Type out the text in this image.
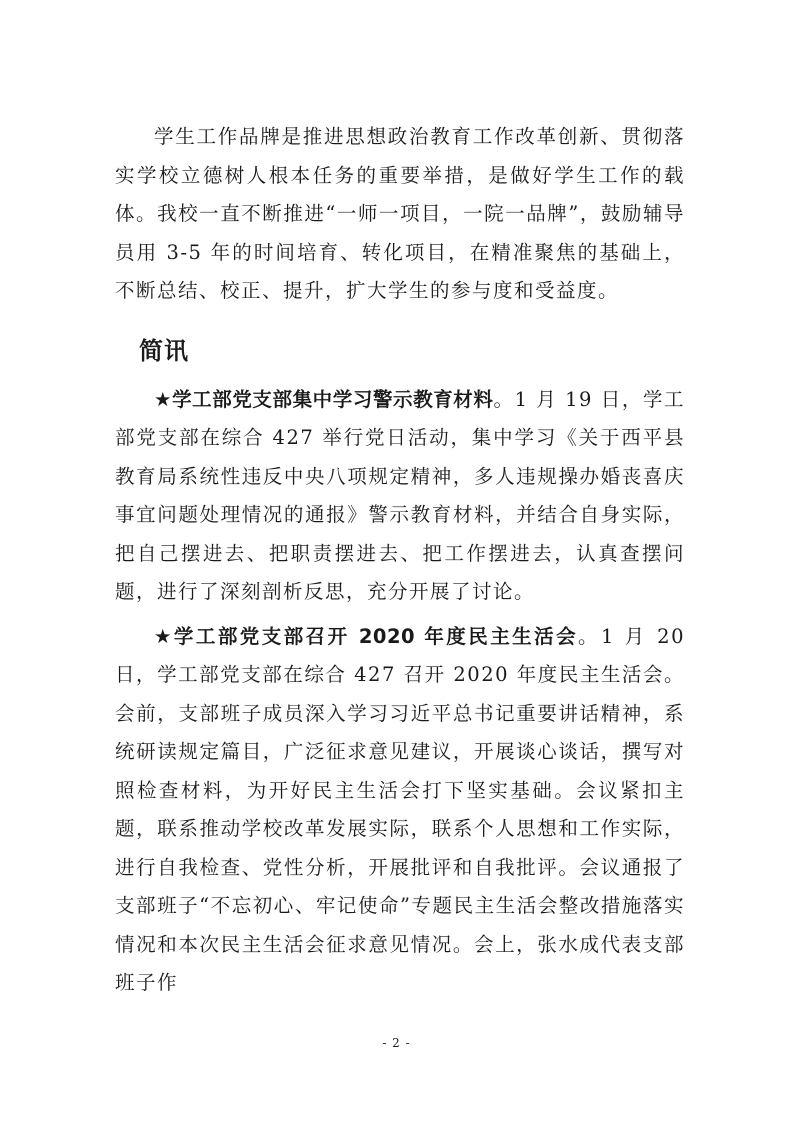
学生工作品牌是推进思想政治教育工作改革创新、贯彻落实学校立德树人根本任务的重要举措，是做好学生工作的载体。我校一直不断推进“一师一项目，一院一品牌”，鼓励辅导员用 3-5 年的时间培育、转化项目，在精准聚焦的基础上，不断总结、校正、提升，扩大学生的参与度和受益度。

简讯

★学工部党支部集中学习警示教育材料。1 月 19 日，学工部党支部在综合 427 举行党日活动，集中学习《关于西平县教育局系统性违反中央八项规定精神，多人违规操办婚丧喜庆事宜问题处理情况的通报》警示教育材料，并结合自身实际，把自己摆进去、把职责摆进去、把工作摆进去，认真查摆问题，进行了深刻剖析反思，充分开展了讨论。

★学工部党支部召开 2020 年度民主生活会。1 月 20 日，学工部党支部在综合 427 召开 2020 年度民主生活会。会前，支部班子成员深入学习习近平总书记重要讲话精神，系统研读规定篇目，广泛征求意见建议，开展谈心谈话，撰写对照检查材料，为开好民主生活会打下坚实基础。会议紧扣主题，联系推动学校改革发展实际，联系个人思想和工作实际，进行自我检查、党性分析，开展批评和自我批评。会议通报了支部班子“不忘初心、牢记使命”专题民主生活会整改措施落实情况和本次民主生活会征求意见情况。会上，张水成代表支部班子作

- 2 -
